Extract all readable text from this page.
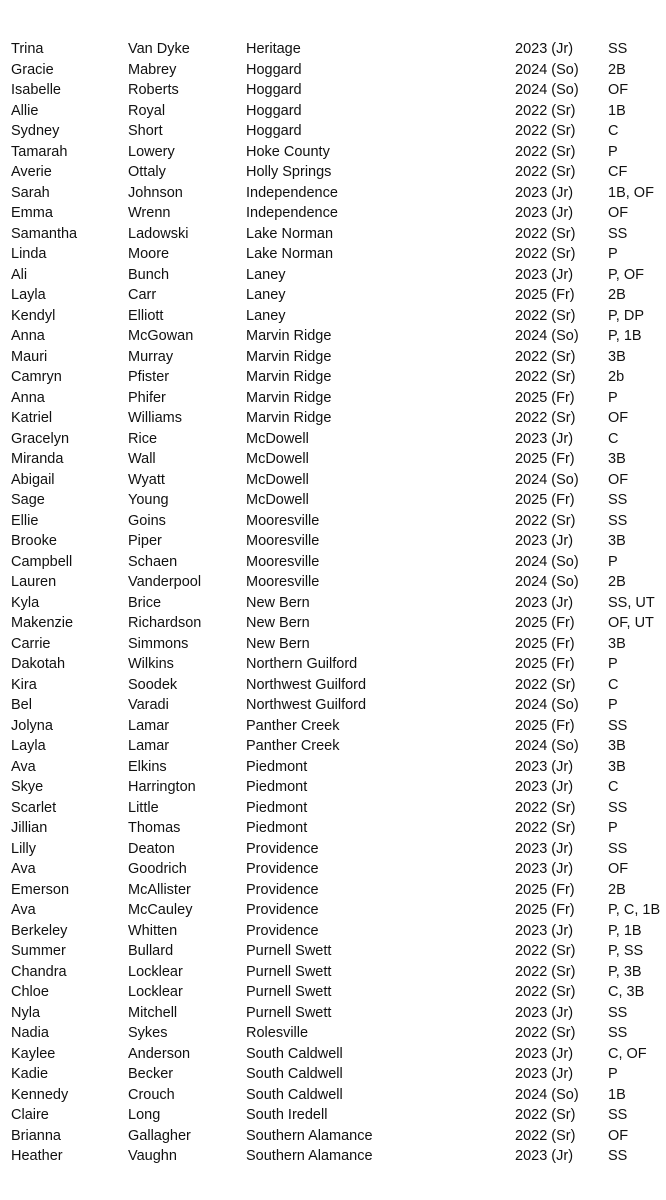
Trina	Van Dyke	Heritage	2023 (Jr) SS
Gracie	Mabrey	Hoggard	2024 (So) 2B
Isabelle	Roberts	Hoggard	2024 (So) OF
Allie	Royal	Hoggard	2022 (Sr) 1B
Sydney	Short	Hoggard	2022 (Sr) C
Tamarah	Lowery	Hoke County	2022 (Sr) P
Averie	Ottaly	Holly Springs	2022 (Sr) CF
Sarah	Johnson	Independence	2023 (Jr) 1B, OF
Emma	Wrenn	Independence	2023 (Jr) OF
Samantha	Ladowski	Lake Norman	2022 (Sr) SS
Linda	Moore	Lake Norman	2022 (Sr) P
Ali	Bunch	Laney	2023 (Jr) P, OF
Layla	Carr	Laney	2025 (Fr) 2B
Kendyl	Elliott	Laney	2022 (Sr) P, DP
Anna	McGowan	Marvin Ridge	2024 (So) P, 1B
Mauri	Murray	Marvin Ridge	2022 (Sr) 3B
Camryn	Pfister	Marvin Ridge	2022 (Sr) 2b
Anna	Phifer	Marvin Ridge	2025 (Fr) P
Katriel	Williams	Marvin Ridge	2022 (Sr) OF
Gracelyn	Rice	McDowell	2023 (Jr) C
Miranda	Wall	McDowell	2025 (Fr) 3B
Abigail	Wyatt	McDowell	2024 (So) OF
Sage	Young	McDowell	2025 (Fr) SS
Ellie	Goins	Mooresville	2022 (Sr) SS
Brooke	Piper	Mooresville	2023 (Jr) 3B
Campbell	Schaen	Mooresville	2024 (So) P
Lauren	Vanderpool	Mooresville	2024 (So) 2B
Kyla	Brice	New Bern	2023 (Jr) SS, UT
Makenzie	Richardson	New Bern	2025 (Fr) OF, UT
Carrie	Simmons	New Bern	2025 (Fr) 3B
Dakotah	Wilkins	Northern Guilford	2025 (Fr) P
Kira	Soodek	Northwest Guilford	2022 (Sr) C
Bel	Varadi	Northwest Guilford	2024 (So) P
Jolyna	Lamar	Panther Creek	2025 (Fr) SS
Layla	Lamar	Panther Creek	2024 (So) 3B
Ava	Elkins	Piedmont	2023 (Jr) 3B
Skye	Harrington	Piedmont	2023 (Jr) C
Scarlet	Little	Piedmont	2022 (Sr) SS
Jillian	Thomas	Piedmont	2022 (Sr) P
Lilly	Deaton	Providence	2023 (Jr) SS
Ava	Goodrich	Providence	2023 (Jr) OF
Emerson	McAllister	Providence	2025 (Fr) 2B
Ava	McCauley	Providence	2025 (Fr) P, C, 1B
Berkeley	Whitten	Providence	2023 (Jr) P, 1B
Summer	Bullard	Purnell Swett	2022 (Sr) P, SS
Chandra	Locklear	Purnell Swett	2022 (Sr) P, 3B
Chloe	Locklear	Purnell Swett	2022 (Sr) C, 3B
Nyla	Mitchell	Purnell Swett	2023 (Jr) SS
Nadia	Sykes	Rolesville	2022 (Sr) SS
Kaylee	Anderson	South Caldwell	2023 (Jr) C, OF
Kadie	Becker	South Caldwell	2023 (Jr) P
Kennedy	Crouch	South Caldwell	2024 (So) 1B
Claire	Long	South Iredell	2022 (Sr) SS
Brianna	Gallagher	Southern Alamance	2022 (Sr) OF
Heather	Vaughn	Southern Alamance	2023 (Jr) SS
